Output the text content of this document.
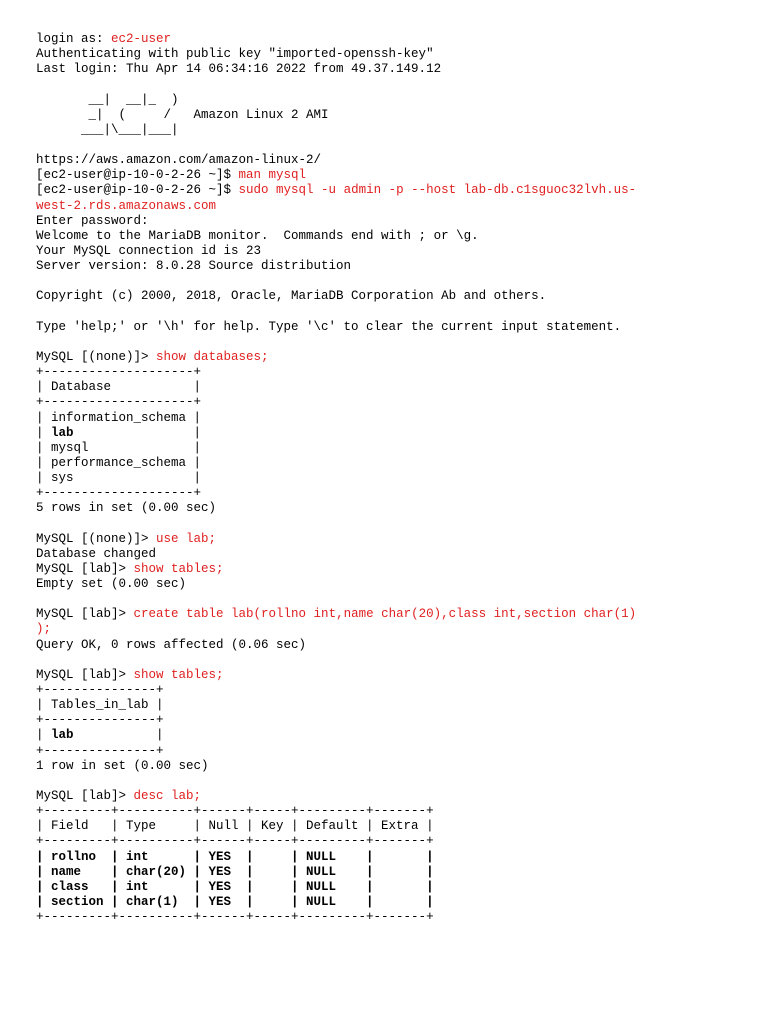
login as: ec2-user
Authenticating with public key "imported-openssh-key"
Last login: Thu Apr 14 06:34:16 2022 from 49.37.149.12
__|  __|_  )
_|  (     /   Amazon Linux 2 AMI
___|\___|___|
https://aws.amazon.com/amazon-linux-2/
[ec2-user@ip-10-0-2-26 ~]$ man mysql
[ec2-user@ip-10-0-2-26 ~]$ sudo mysql -u admin -p --host lab-db.c1sguoc32lvh.us-
west-2.rds.amazonaws.com
Enter password:
Welcome to the MariaDB monitor.  Commands end with ; or \g.
Your MySQL connection id is 23
Server version: 8.0.28 Source distribution
Copyright (c) 2000, 2018, Oracle, MariaDB Corporation Ab and others.
Type 'help;' or '\h' for help. Type '\c' to clear the current input statement.
MySQL [(none)]> show databases;
+--------------------+
| Database           |
+--------------------+
| information_schema |
| lab                |
| mysql              |
| performance_schema |
| sys                |
+--------------------+
5 rows in set (0.00 sec)
MySQL [(none)]> use lab;
Database changed
MySQL [lab]> show tables;
Empty set (0.00 sec)
MySQL [lab]> create table lab(rollno int,name char(20),class int,section char(1)
);
Query OK, 0 rows affected (0.06 sec)
MySQL [lab]> show tables;
+---------------+
| Tables_in_lab |
+---------------+
| lab           |
+---------------+
1 row in set (0.00 sec)
MySQL [lab]> desc lab;
+---------+----------+------+-----+---------+-------+
| Field   | Type     | Null | Key | Default | Extra |
+---------+----------+------+-----+---------+-------+
| rollno  | int      | YES  |     | NULL    |       |
| name    | char(20) | YES  |     | NULL    |       |
| class   | int      | YES  |     | NULL    |       |
| section | char(1)  | YES  |     | NULL    |       |
+---------+----------+------+-----+---------+-------+
